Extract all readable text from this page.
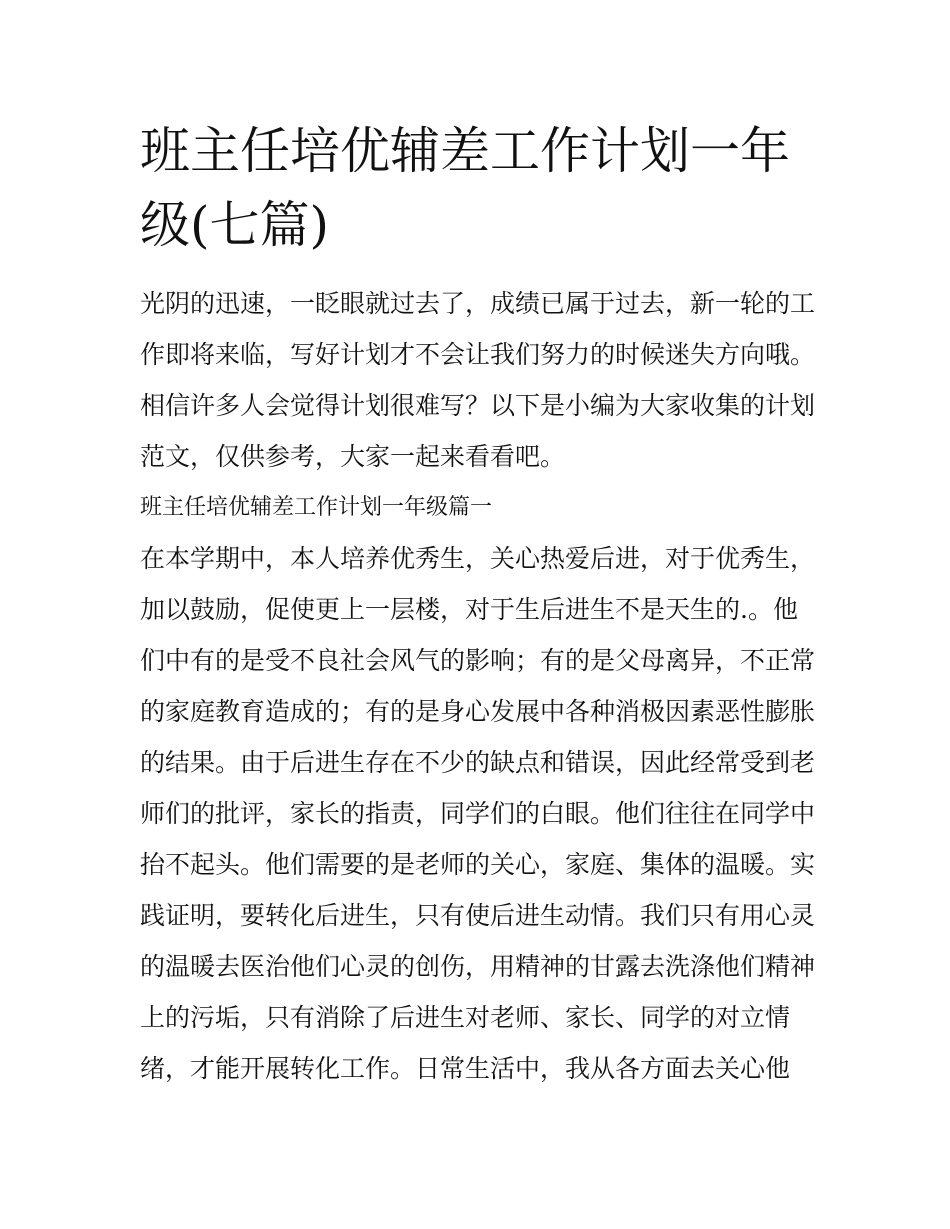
班主任培优辅差工作计划一年
级(七篇)
光阴的迅速，一眨眼就过去了，成绩已属于过去，新一轮的工
作即将来临，写好计划才不会让我们努力的时候迷失方向哦。
相信许多人会觉得计划很难写？以下是小编为大家收集的计划
范文，仅供参考，大家一起来看看吧。
班主任培优辅差工作计划一年级篇一
在本学期中，本人培养优秀生，关心热爱后进，对于优秀生，
加以鼓励，促使更上一层楼，对于生后进生不是天生的.。他
们中有的是受不良社会风气的影响；有的是父母离异，不正常
的家庭教育造成的；有的是身心发展中各种消极因素恶性膨胀
的结果。由于后进生存在不少的缺点和错误，因此经常受到老
师们的批评，家长的指责，同学们的白眼。他们往往在同学中
抬不起头。他们需要的是老师的关心，家庭、集体的温暖。实
践证明，要转化后进生，只有使后进生动情。我们只有用心灵
的温暖去医治他们心灵的创伤，用精神的甘露去洗涤他们精神
上的污垢，只有消除了后进生对老师、家长、同学的对立情
绪，才能开展转化工作。日常生活中，我从各方面去关心他
